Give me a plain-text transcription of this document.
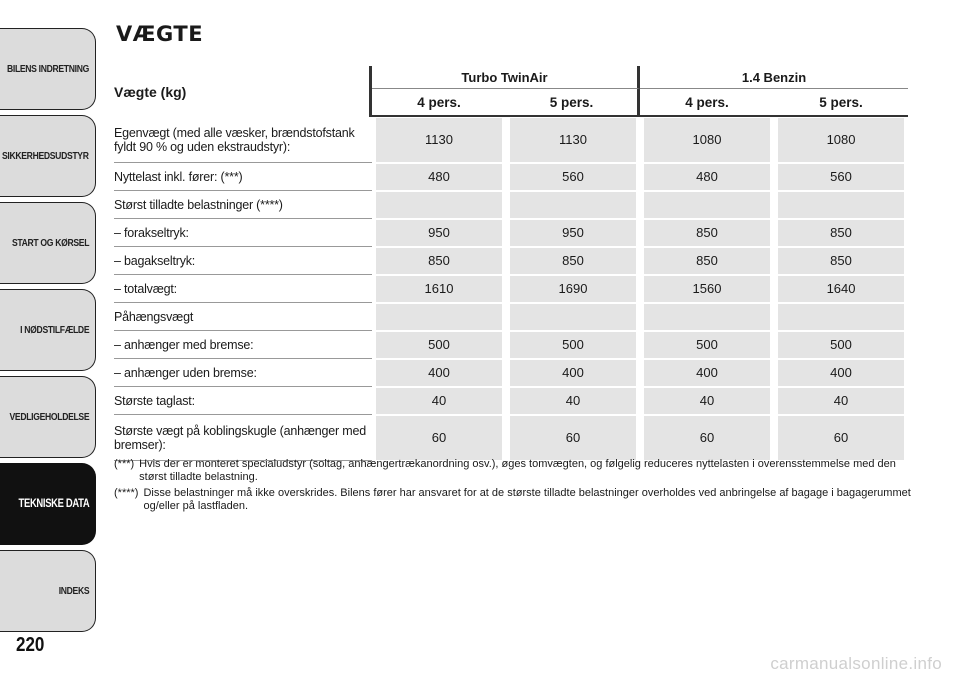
BILENS INDRETNING
SIKKERHEDSUDSTYR
START OG KØRSEL
I NØDSTILFÆLDE
VEDLIGEHOLDELSE
TEKNISKE DATA
INDEKS
220
VÆGTE
Vægte (kg)	Turbo TwinAir		1.4 Benzin	
	4 pers.	5 pers.	4 pers.	5 pers.
Egenvægt (med alle væsker, brændstofstank fyldt 90 % og uden ekstraudstyr):	1130	1130	1080	1080

Nyttelast inkl. fører: (***)	480	560	480	560

Størst tilladte belastninger (****)	

– forakseltryk:	950	950	850	850

– bagakseltryk:	850	850	850	850

– totalvægt:	1610	1690	1560	1640

Påhængsvægt	

– anhænger med bremse:	500	500	500	500

– anhænger uden bremse:	400	400	400	400

Største taglast:	40	40	40	40

Største vægt på koblingskugle (anhænger med bremser):	60	60	60	60
(***) Hvis der er monteret specialudstyr (soltag, anhængertrækanordning osv.), øges tomvægten, og følgelig reduceres nyttelasten i overensstemmelse med den størst tilladte belastning.
(****) Disse belastninger må ikke overskrides. Bilens fører har ansvaret for at de største tilladte belastninger overholdes ved anbringelse af bagage i bagagerummet og/eller på lastfladen.
carmanualsonline.info
